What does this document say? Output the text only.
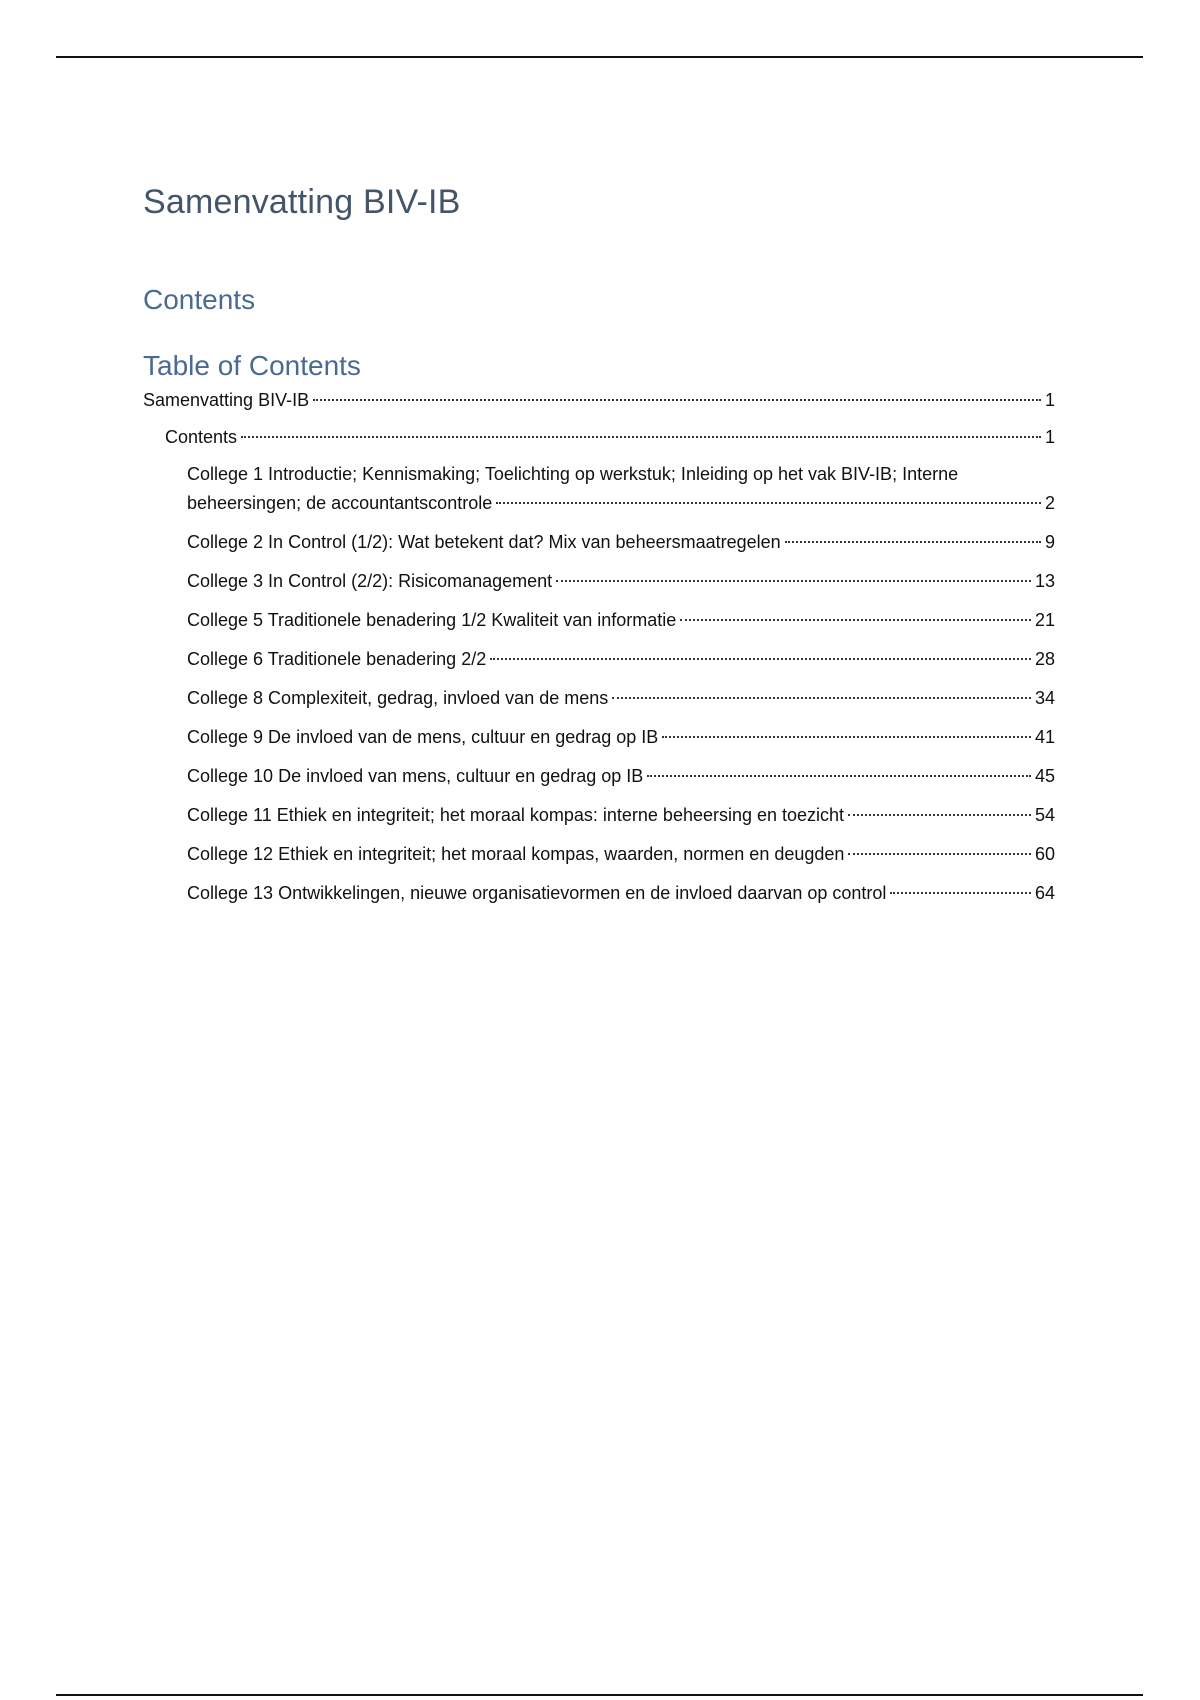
Samenvatting BIV-IB
Contents
Table of Contents
Samenvatting BIV-IB	1
Contents	1
College 1 Introductie; Kennismaking; Toelichting op werkstuk; Inleiding op het vak BIV-IB; Interne
beheersingen; de accountantscontrole	2
College 2 In Control (1/2): Wat betekent dat? Mix van beheersmaatregelen	9
College 3 In Control (2/2): Risicomanagement	13
College 5 Traditionele benadering 1/2 Kwaliteit van informatie	21
College 6 Traditionele benadering 2/2	28
College 8 Complexiteit, gedrag, invloed van de mens	34
College 9 De invloed van de mens, cultuur en gedrag op IB	41
College 10 De invloed van mens, cultuur en gedrag op IB	45
College 11 Ethiek en integriteit; het moraal kompas: interne beheersing en toezicht	54
College 12 Ethiek en integriteit; het moraal kompas, waarden, normen en deugden	60
College 13 Ontwikkelingen, nieuwe organisatievormen en de invloed daarvan op control	64
